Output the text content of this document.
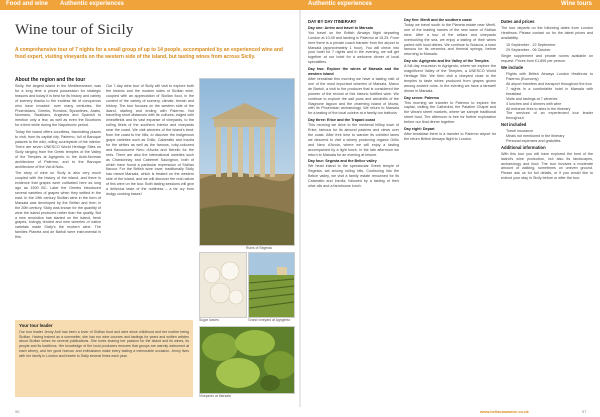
Food and wine Authentic experiences	Authentic experiences	Wine tours
Wine tour of Sicily
A comprehensive tour of 7 nights for a small group of up to 14 people, accompanied by an experienced wine and food expert, visiting vineyards on the western side of the island, but tasting wines from across Sicily.
About the region and the tour

Sicily, the largest island in the Mediterranean, was for a long time a prized possession for strategic reasons and today it is best for its history and variety of scenery thanks to the endless list of conquerors who have invaded: over many centuries, the Phoenicians, Greeks, Romans, Byzantines, Arabs, Normans, Swabians, Angevins and Spanish to mention only a few, as well as even the Bourbons for a time while during the Napoleonic period.

Today the island offers countless, fascinating places to visit, from its capital city, Palermo, full of Baroque palaces to the wild, rolling countryside of the interior. There are seven UNESCO World Heritage Sites on Sicily ranging from the Greek temples of the Valley of the Temples at Agrigento to the Arab-Norman architecture of Palermo, and to the Baroque architecture of the Val di Noto.

The story of wine on Sicily is also very much coupled with the history of the island, and there is evidence that grapes were cultivated here as long ago as 1500 BC. Later the Greeks introduced several varieties of grapes when they settled in the east. In the 19th century Sicilian wine in the form of Marsala was developed by the British and then in the 20th century, Sicily was known for the quantity of wine the island produced rather than the quality. But a new revolution has started on the island, fresh grapes, lovingly tended and new wineries of native varietals made Sicily's the modern wine. The families Planeta and de Bartoli were instrumental in this.

Our 7-day wine tour of Sicily will visit to explore both the historic and the modern sides of Sicilian wine, coupled with an appreciation of Sicilian food, in the context of the variety of scenery, climate, terrain and history. The tour focuses on the western side of the island, starting and ending with Palermo. Not travelling short distances with its cultures, edged with wheatfields and its vast expanse of vineyards, to the rolling fields of the southern interior and vineyards near the coast. We visit wineries of the island's best: from the coast to the hills, to discover the indigenous grape varieties such as Grillo, Catarratto and Inzolia for the whites as well as the famous, ruby-coloured and flavoursome Nero d'Avola and Nerello for the reds. There are also the international varieties such as Chardonnay and Cabernet Sauvignon, both of which have found a particular expression of Sicilian flavour. For the British wine lover, traditionally Sicily has meant Marsala, which is treated on the western side of the island, and we will discover the real nature of this wine on the tour. Both tasting sessions will give a delicious taste of the nuttiness – a far cry from dodgy cooking bases!

Ruins of Segesta
Sugar loaves	Grand vineyard at Agrigento
Your tour leader

Our tour leader Jenny Ardi has been a lover of Sicilian food and wine since childhood and her mother being Sicilian. Having trained as a sommelier, she has run wine courses and tastings for years and written articles about Sicilian wines for several publications. She loves sharing her passion for the island and its wines, its people and its traditions. Her knowledge of the local producers ensures that groups are warmly welcomed at each winery, and her good humour and enthusiasm make every tasting a memorable occasion. Jenny lives with her family in London and travels to Sicily several times each year.

Vineyards at Marsala
96
DAY BY DAY ITINERARY

Day one: Arrive and travel to Marsala

You travel on the British Airways flight departing London at 10.45 and landing in Palermo at 15.25. From here there is a private coach transfer from the airport to Marsala (approximately 1 hour). You will check into your hotel for 7 nights and in the evening, we will get together at our hotel for a welcome dinner of local specialities.

Day two: Explore the wines of Marsala and the western island

After breakfast this morning we have a tasting visit of one of the most important wineries of Marsala, Marco de Bartoli, a visit to the producer that is considered the pioneer of the revival of this historic fortified wine. We continue to explore the salt pans and windmills of the Stagnone lagoon and the charming island of Mozia, with its Phoenician archaeology. We return to Marsala for a tasting of the local cuisine at a family-run trattoria.

Day three: Erice and the Trapani coast

This morning we drive to the medieval hilltop town of Erice, famous for its almond pastries and views over the coast. After free time to wander its cobbled lanes we descend to visit a winery producing organic Grillo and Nero d'Avola, where we will enjoy a tasting accompanied by a light lunch. In the late afternoon we return to Marsala for an evening at leisure.

Day four: Segesta and the Belice valley

We head inland to the spectacular Greek temple of Segesta, set among rolling hills. Continuing into the Belice valley, we visit a family estate renowned for its Catarratto and Inzolia, followed by a tasting of their olive oils and a farmhouse lunch.

Day five: Menfi and the southern coast

Today we travel south to the Planeta estate near Menfi, one of the leading names of the new wave of Sicilian wine. After a tour of the cellars and vineyards overlooking the sea, we enjoy a tasting of their wines paired with local dishes. We continue to Sciacca, a town famous for its ceramics and thermal springs, before returning to Marsala.

Day six: Agrigento and the Valley of the Temples

A full day excursion to Agrigento, where we explore the magnificent Valley of the Temples, a UNESCO World Heritage Site. We then visit a vineyard close to the temples to taste wines produced from grapes grown among ancient ruins. In the evening we have a farewell dinner in Marsala.

Day seven: Palermo

This morning we transfer to Palermo to explore the capital, visiting the Cathedral, the Palatine Chapel and the vibrant street markets, where we sample traditional street food. The afternoon is free for further exploration before our final dinner together.

Day eight: Depart

After breakfast there is a transfer to Palermo airport for the return British Airways flight to London.

Dates and prices

The tour departs on the following dates from London Heathrow. Please contact us for the latest prices and availability.

• 15 September - 22 September
• 29 September - 06 October

Single supplement and private rooms available on request. Prices from £1,895 per person.

We include
• Flights with British Airways London Heathrow to Palermo (Economy)
• All airport transfers and transport throughout the tour
• 7 nights in a comfortable hotel in Marsala with breakfast
• Visits and tastings at 7 wineries
• 4 lunches and 4 dinners with wine
• All entrance fees to sites in the itinerary
• The services of an experienced tour leader throughout
Not included
• Travel insurance
• Meals not mentioned in the itinerary
• Personal expenses and gratuities
Additional information

With this tour you will have explored the best of the island's wine production, but also its landscapes, archaeology and food. The tour involves a moderate amount of walking, sometimes on uneven ground. Please ask us for full details, or if you would like to extend your stay in Sicily before or after the tour.

www.bellacasawine.co.uk	97
